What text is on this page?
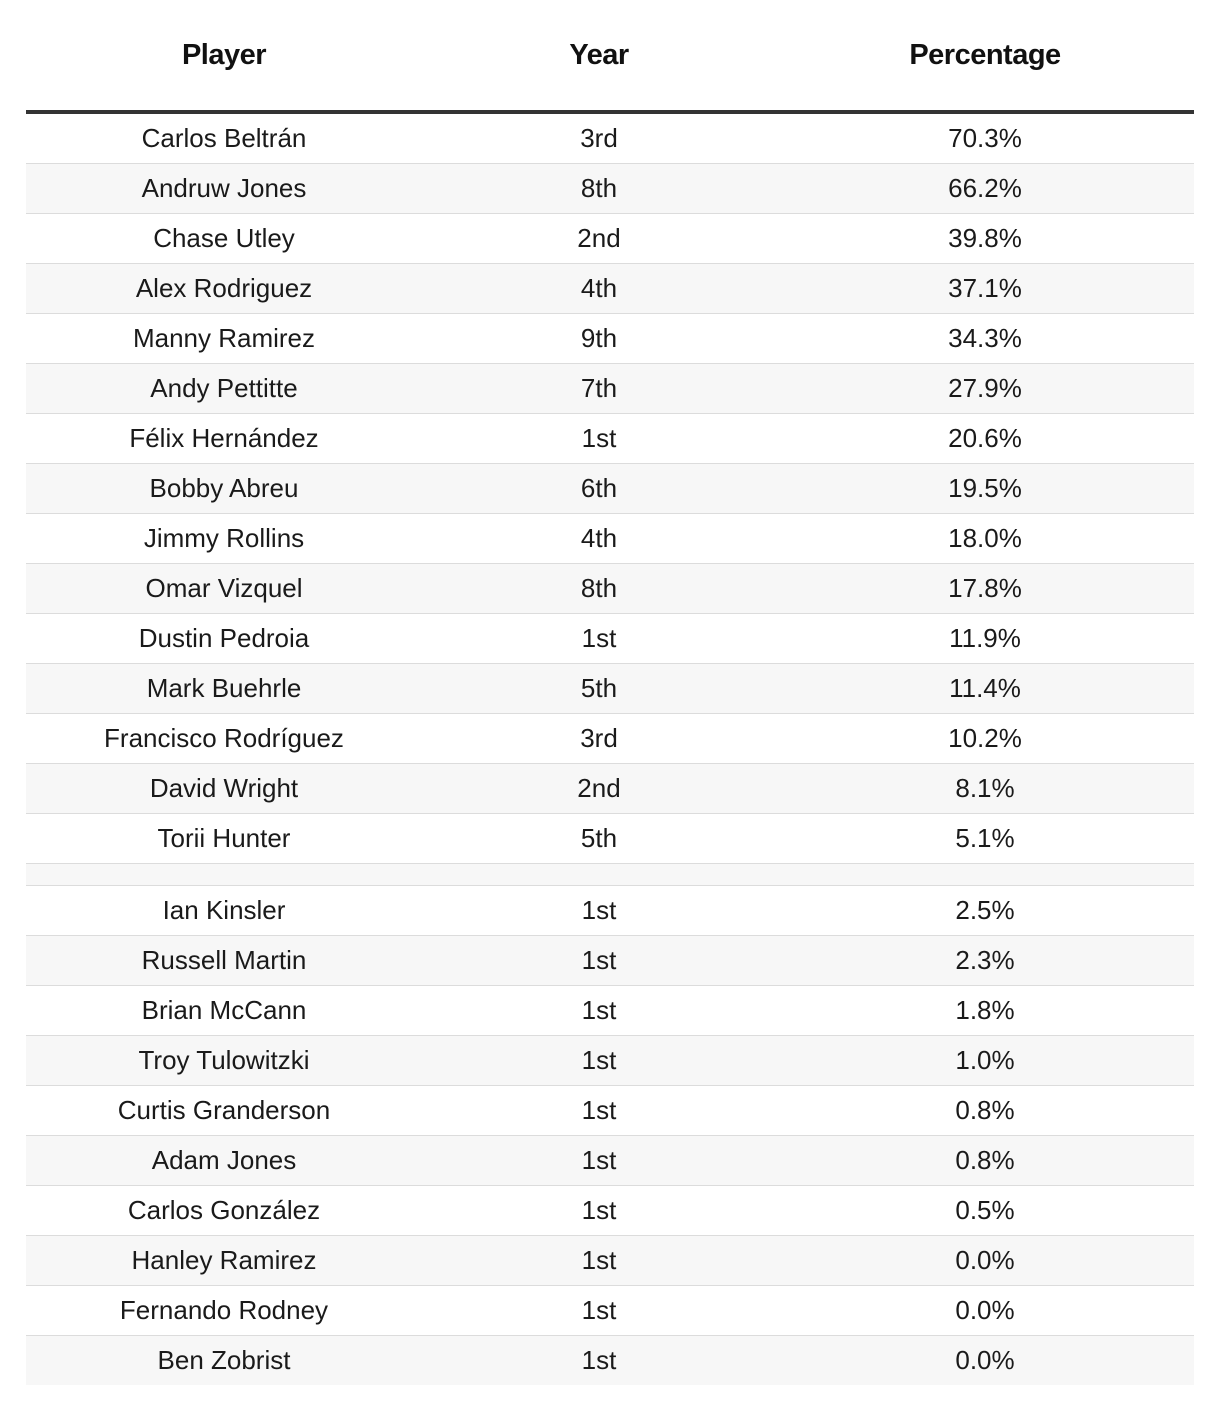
Player	Year	Percentage
Carlos Beltrán	3rd	70.3%
Andruw Jones	8th	66.2%
Chase Utley	2nd	39.8%
Alex Rodriguez	4th	37.1%
Manny Ramirez	9th	34.3%
Andy Pettitte	7th	27.9%
Félix Hernández	1st	20.6%
Bobby Abreu	6th	19.5%
Jimmy Rollins	4th	18.0%
Omar Vizquel	8th	17.8%
Dustin Pedroia	1st	11.9%
Mark Buehrle	5th	11.4%
Francisco Rodríguez	3rd	10.2%
David Wright	2nd	8.1%
Torii Hunter	5th	5.1%

Ian Kinsler	1st	2.5%
Russell Martin	1st	2.3%
Brian McCann	1st	1.8%
Troy Tulowitzki	1st	1.0%
Curtis Granderson	1st	0.8%
Adam Jones	1st	0.8%
Carlos González	1st	0.5%
Hanley Ramirez	1st	0.0%
Fernando Rodney	1st	0.0%
Ben Zobrist	1st	0.0%
